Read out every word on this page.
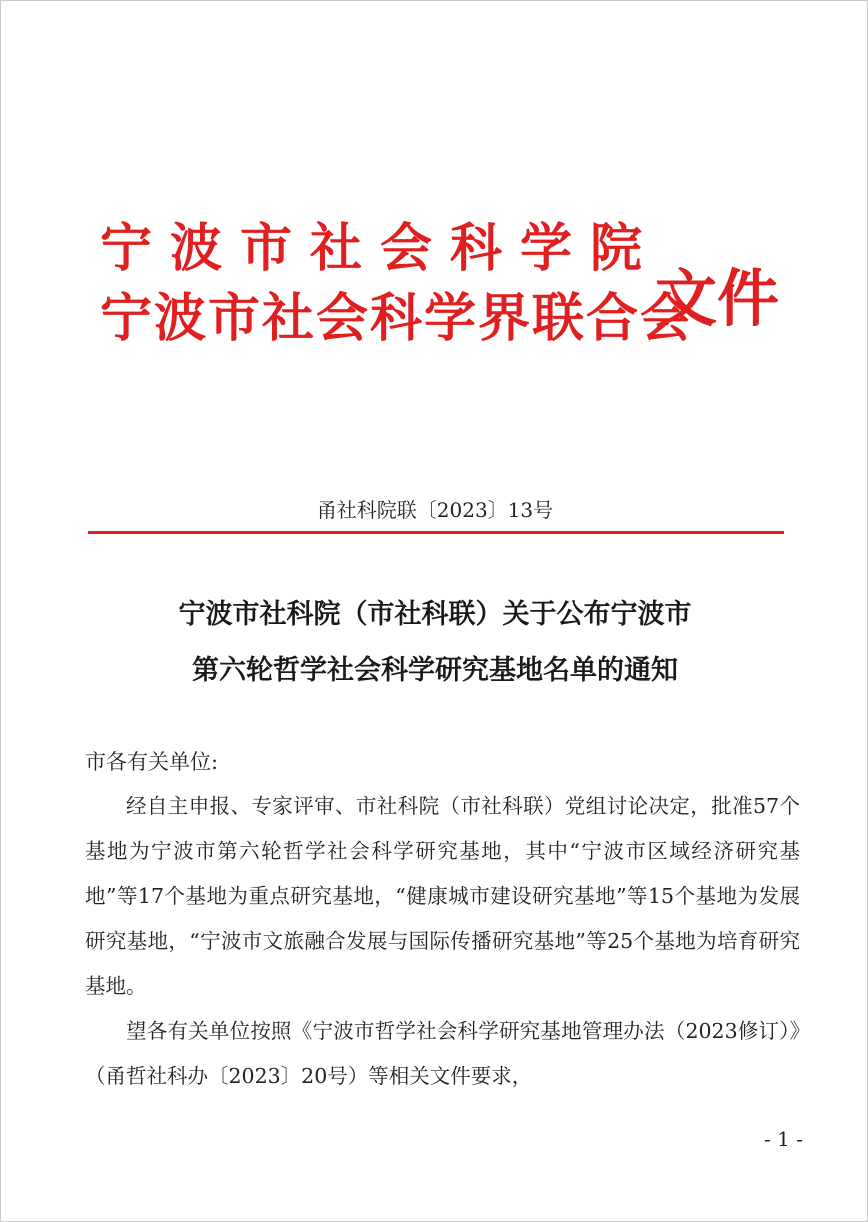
宁波市社会科学院
宁波市社会科学界联合会
文件
甬社科院联〔2023〕13号
宁波市社科院（市社科联）关于公布宁波市
第六轮哲学社会科学研究基地名单的通知
市各有关单位:

经自主申报、专家评审、市社科院（市社科联）党组讨论决定，批准57个基地为宁波市第六轮哲学社会科学研究基地，其中“宁波市区域经济研究基地”等17个基地为重点研究基地，“健康城市建设研究基地”等15个基地为发展研究基地，“宁波市文旅融合发展与国际传播研究基地”等25个基地为培育研究基地。

望各有关单位按照《宁波市哲学社会科学研究基地管理办法（2023修订）》（甬哲社科办〔2023〕20号）等相关文件要求，

- 1 -
